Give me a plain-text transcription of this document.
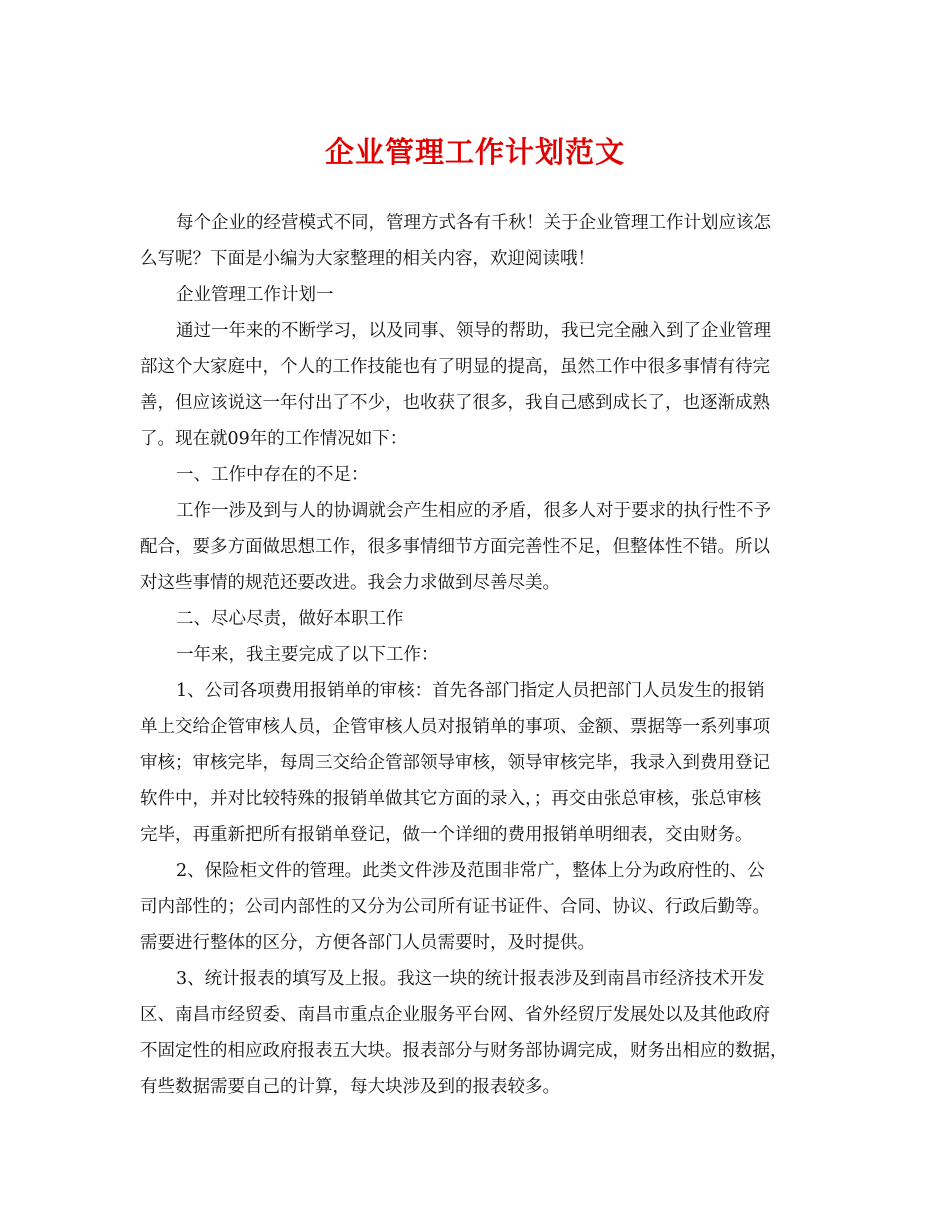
企业管理工作计划范文
每个企业的经营模式不同，管理方式各有千秋！关于企业管理工作计划应该怎
么写呢？下面是小编为大家整理的相关内容，欢迎阅读哦！
企业管理工作计划一
通过一年来的不断学习，以及同事、领导的帮助，我已完全融入到了企业管理
部这个大家庭中，个人的工作技能也有了明显的提高，虽然工作中很多事情有待完
善，但应该说这一年付出了不少，也收获了很多，我自己感到成长了，也逐渐成熟
了。现在就09年的工作情况如下：
一、工作中存在的不足：
工作一涉及到与人的协调就会产生相应的矛盾，很多人对于要求的执行性不予
配合，要多方面做思想工作，很多事情细节方面完善性不足，但整体性不错。所以
对这些事情的规范还要改进。我会力求做到尽善尽美。
二、尽心尽责，做好本职工作
一年来，我主要完成了以下工作：
1、公司各项费用报销单的审核：首先各部门指定人员把部门人员发生的报销
单上交给企管审核人员，企管审核人员对报销单的事项、金额、票据等一系列事项
审核；审核完毕，每周三交给企管部领导审核，领导审核完毕，我录入到费用登记
软件中，并对比较特殊的报销单做其它方面的录入，；再交由张总审核，张总审核
完毕，再重新把所有报销单登记，做一个详细的费用报销单明细表，交由财务。
2、保险柜文件的管理。此类文件涉及范围非常广，整体上分为政府性的、公
司内部性的；公司内部性的又分为公司所有证书证件、合同、协议、行政后勤等。
需要进行整体的区分，方便各部门人员需要时，及时提供。
3、统计报表的填写及上报。我这一块的统计报表涉及到南昌市经济技术开发
区、南昌市经贸委、南昌市重点企业服务平台网、省外经贸厅发展处以及其他政府
不固定性的相应政府报表五大块。报表部分与财务部协调完成，财务出相应的数据，
有些数据需要自己的计算，每大块涉及到的报表较多。
